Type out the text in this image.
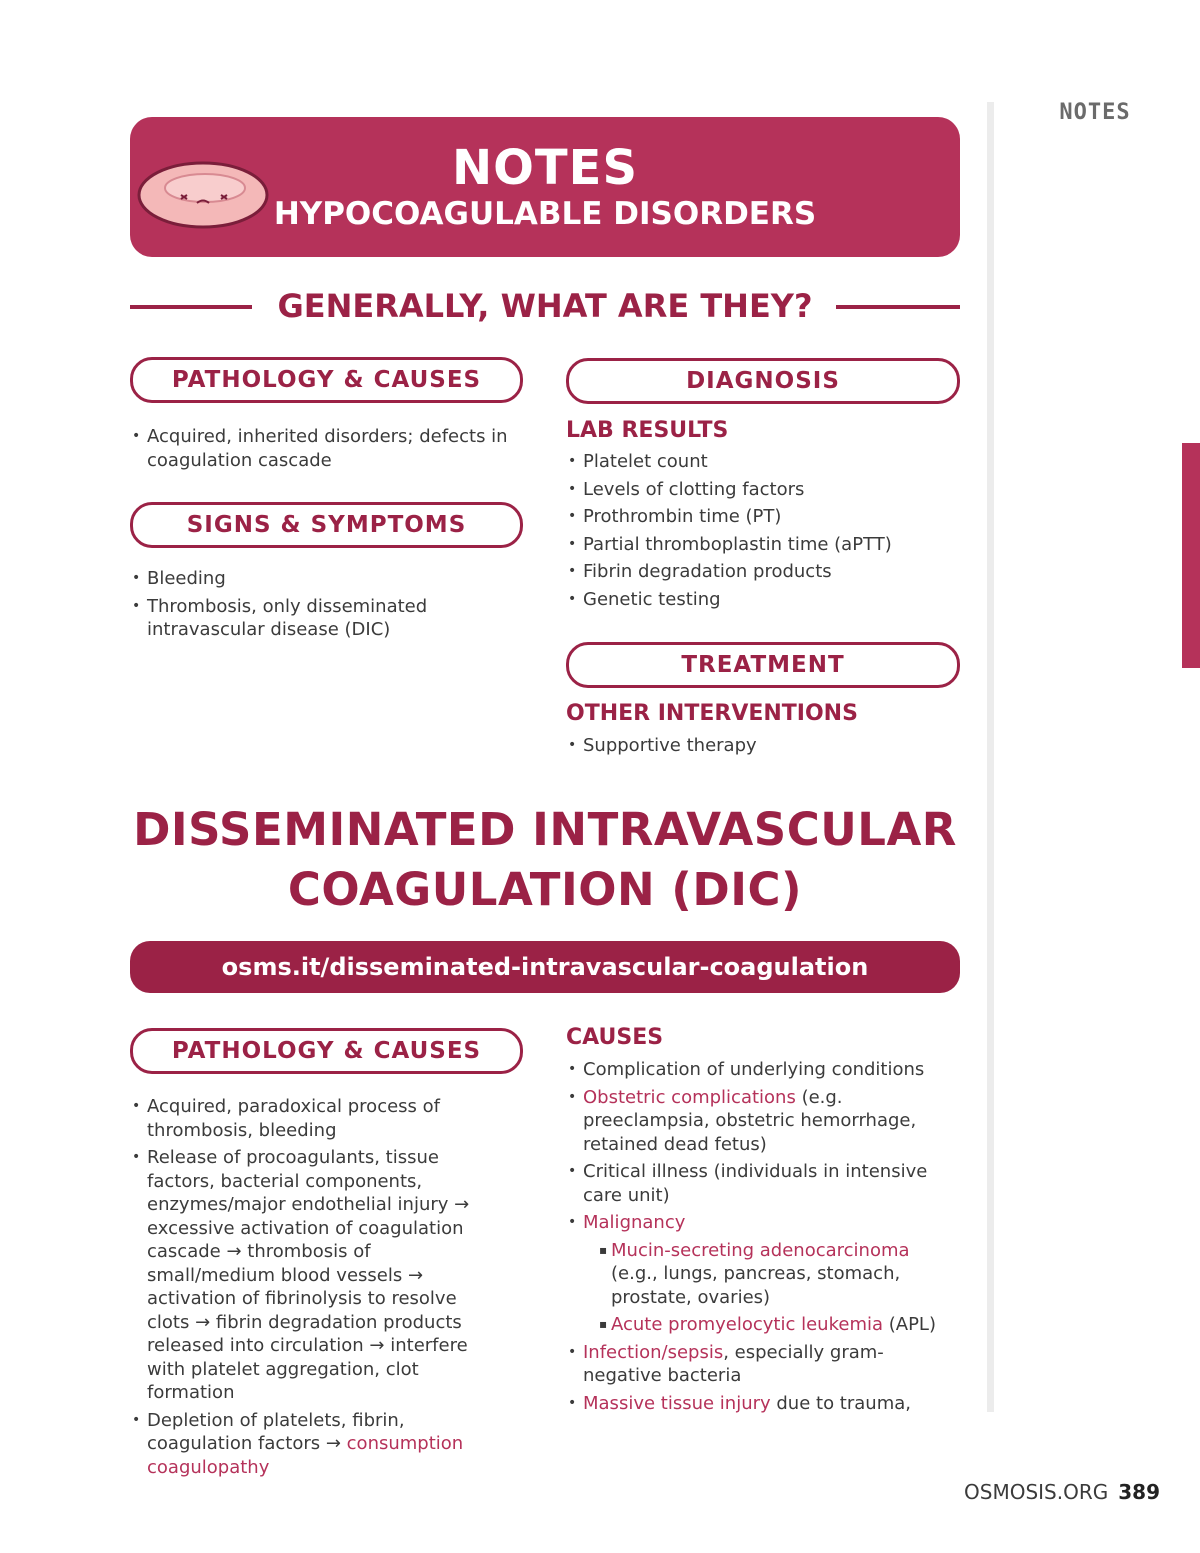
NOTES
NOTES
HYPOCOAGULABLE DISORDERS
GENERALLY, WHAT ARE THEY?
PATHOLOGY & CAUSES
• Acquired, inherited disorders; defects in coagulation cascade
SIGNS & SYMPTOMS
• Bleeding
• Thrombosis, only disseminated intravascular disease (DIC)
DIAGNOSIS
LAB RESULTS
• Platelet count
• Levels of clotting factors
• Prothrombin time (PT)
• Partial thromboplastin time (aPTT)
• Fibrin degradation products
• Genetic testing
TREATMENT
OTHER INTERVENTIONS
• Supportive therapy
DISSEMINATED INTRAVASCULAR
COAGULATION (DIC)
osms.it/disseminated-intravascular-coagulation
PATHOLOGY & CAUSES
• Acquired, paradoxical process of thrombosis, bleeding
• Release of procoagulants, tissue factors, bacterial components, enzymes/major endothelial injury → excessive activation of coagulation cascade → thrombosis of small/medium blood vessels → activation of fibrinolysis to resolve clots → fibrin degradation products released into circulation → interfere with platelet aggregation, clot formation
• Depletion of platelets, fibrin, coagulation factors → consumption coagulopathy
CAUSES
• Complication of underlying conditions
• Obstetric complications (e.g. preeclampsia, obstetric hemorrhage, retained dead fetus)
• Critical illness (individuals in intensive care unit)
• Malignancy
▪ Mucin-secreting adenocarcinoma (e.g., lungs, pancreas, stomach, prostate, ovaries)
▪ Acute promyelocytic leukemia (APL)
• Infection/sepsis, especially gram-negative bacteria
• Massive tissue injury due to trauma,
OSMOSIS.ORG 389
